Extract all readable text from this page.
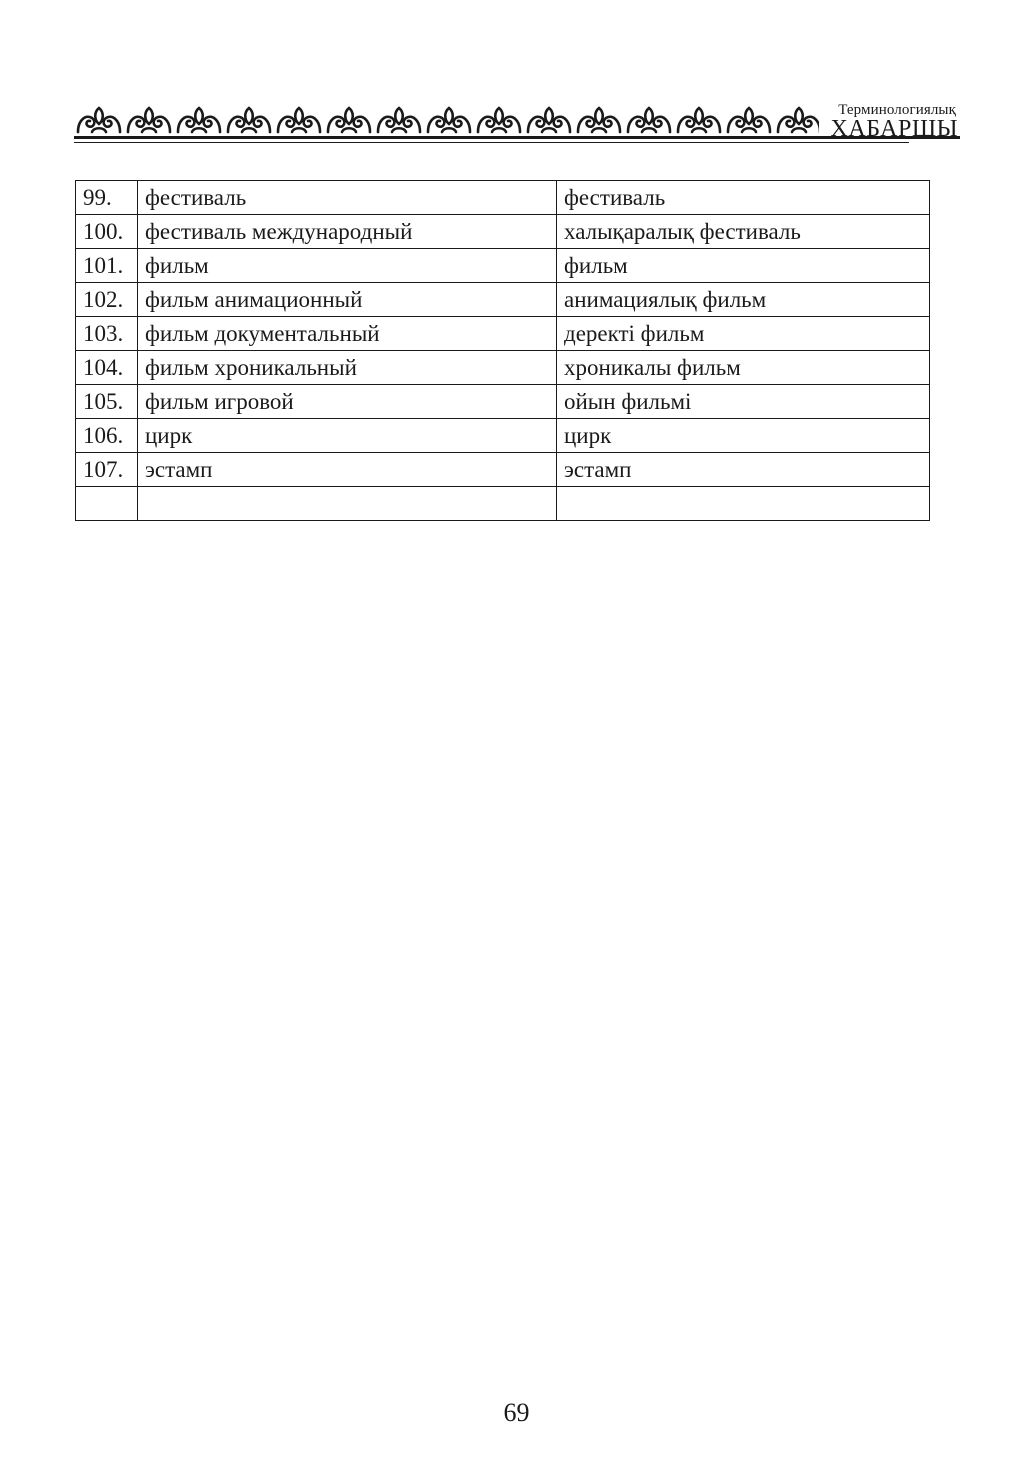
Терминологиялық
ХАБАРШЫ
99.	фестиваль	фестиваль
100.	фестиваль международный	халықаралық фестиваль
101.	фильм	фильм
102.	фильм анимационный	анимациялық фильм
103.	фильм документальный	деректі фильм
104.	фильм хроникальный	хроникалы фильм
105.	фильм игровой	ойын фильмі
106.	цирк	цирк
107.	эстамп	эстамп

69
